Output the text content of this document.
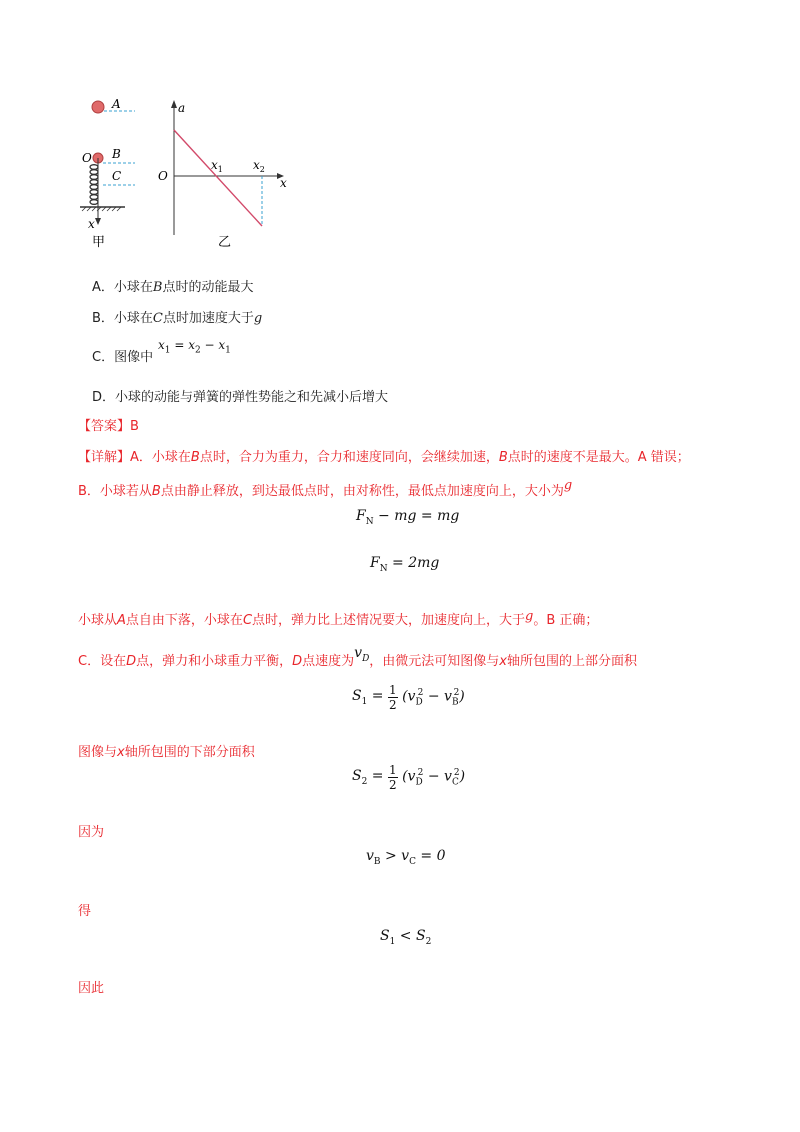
A
O B
C
x
甲
a
x
O
$x_1$	$x_2$
乙
A．小球在B点时的动能最大
B．小球在C点时加速度大于g
C．图像中
$x_1 = x_2 - x_1$
D．小球的动能与弹簧的弹性势能之和先减小后增大
【答案】B
【详解】A．小球在B点时，合力为重力，合力和速度同向，会继续加速，B点时的速度不是最大。A 错误；
B．小球若从B点由静止释放，到达最低点时，由对称性，最低点加速度向上，大小为g
$F_N$ − mg = mg
$F_N = 2mg$
小球从A点自由下落，小球在C点时，弹力比上述情况要大，加速度向上，大于g。B 正确；
C．设在D点，弹力和小球重力平衡，D点速度为$v_D$，由微元法可知图像与x轴所包围的上部分面积
$S_1 = \frac{1}{2} (v_D^2 - v_B^2)$
图像与x轴所包围的下部分面积
$S_2 = \frac{1}{2} (v_D^2 - v_C^2)$
因为
$v_B > v_C = 0$
得
$S_1 < S_2$
因此
